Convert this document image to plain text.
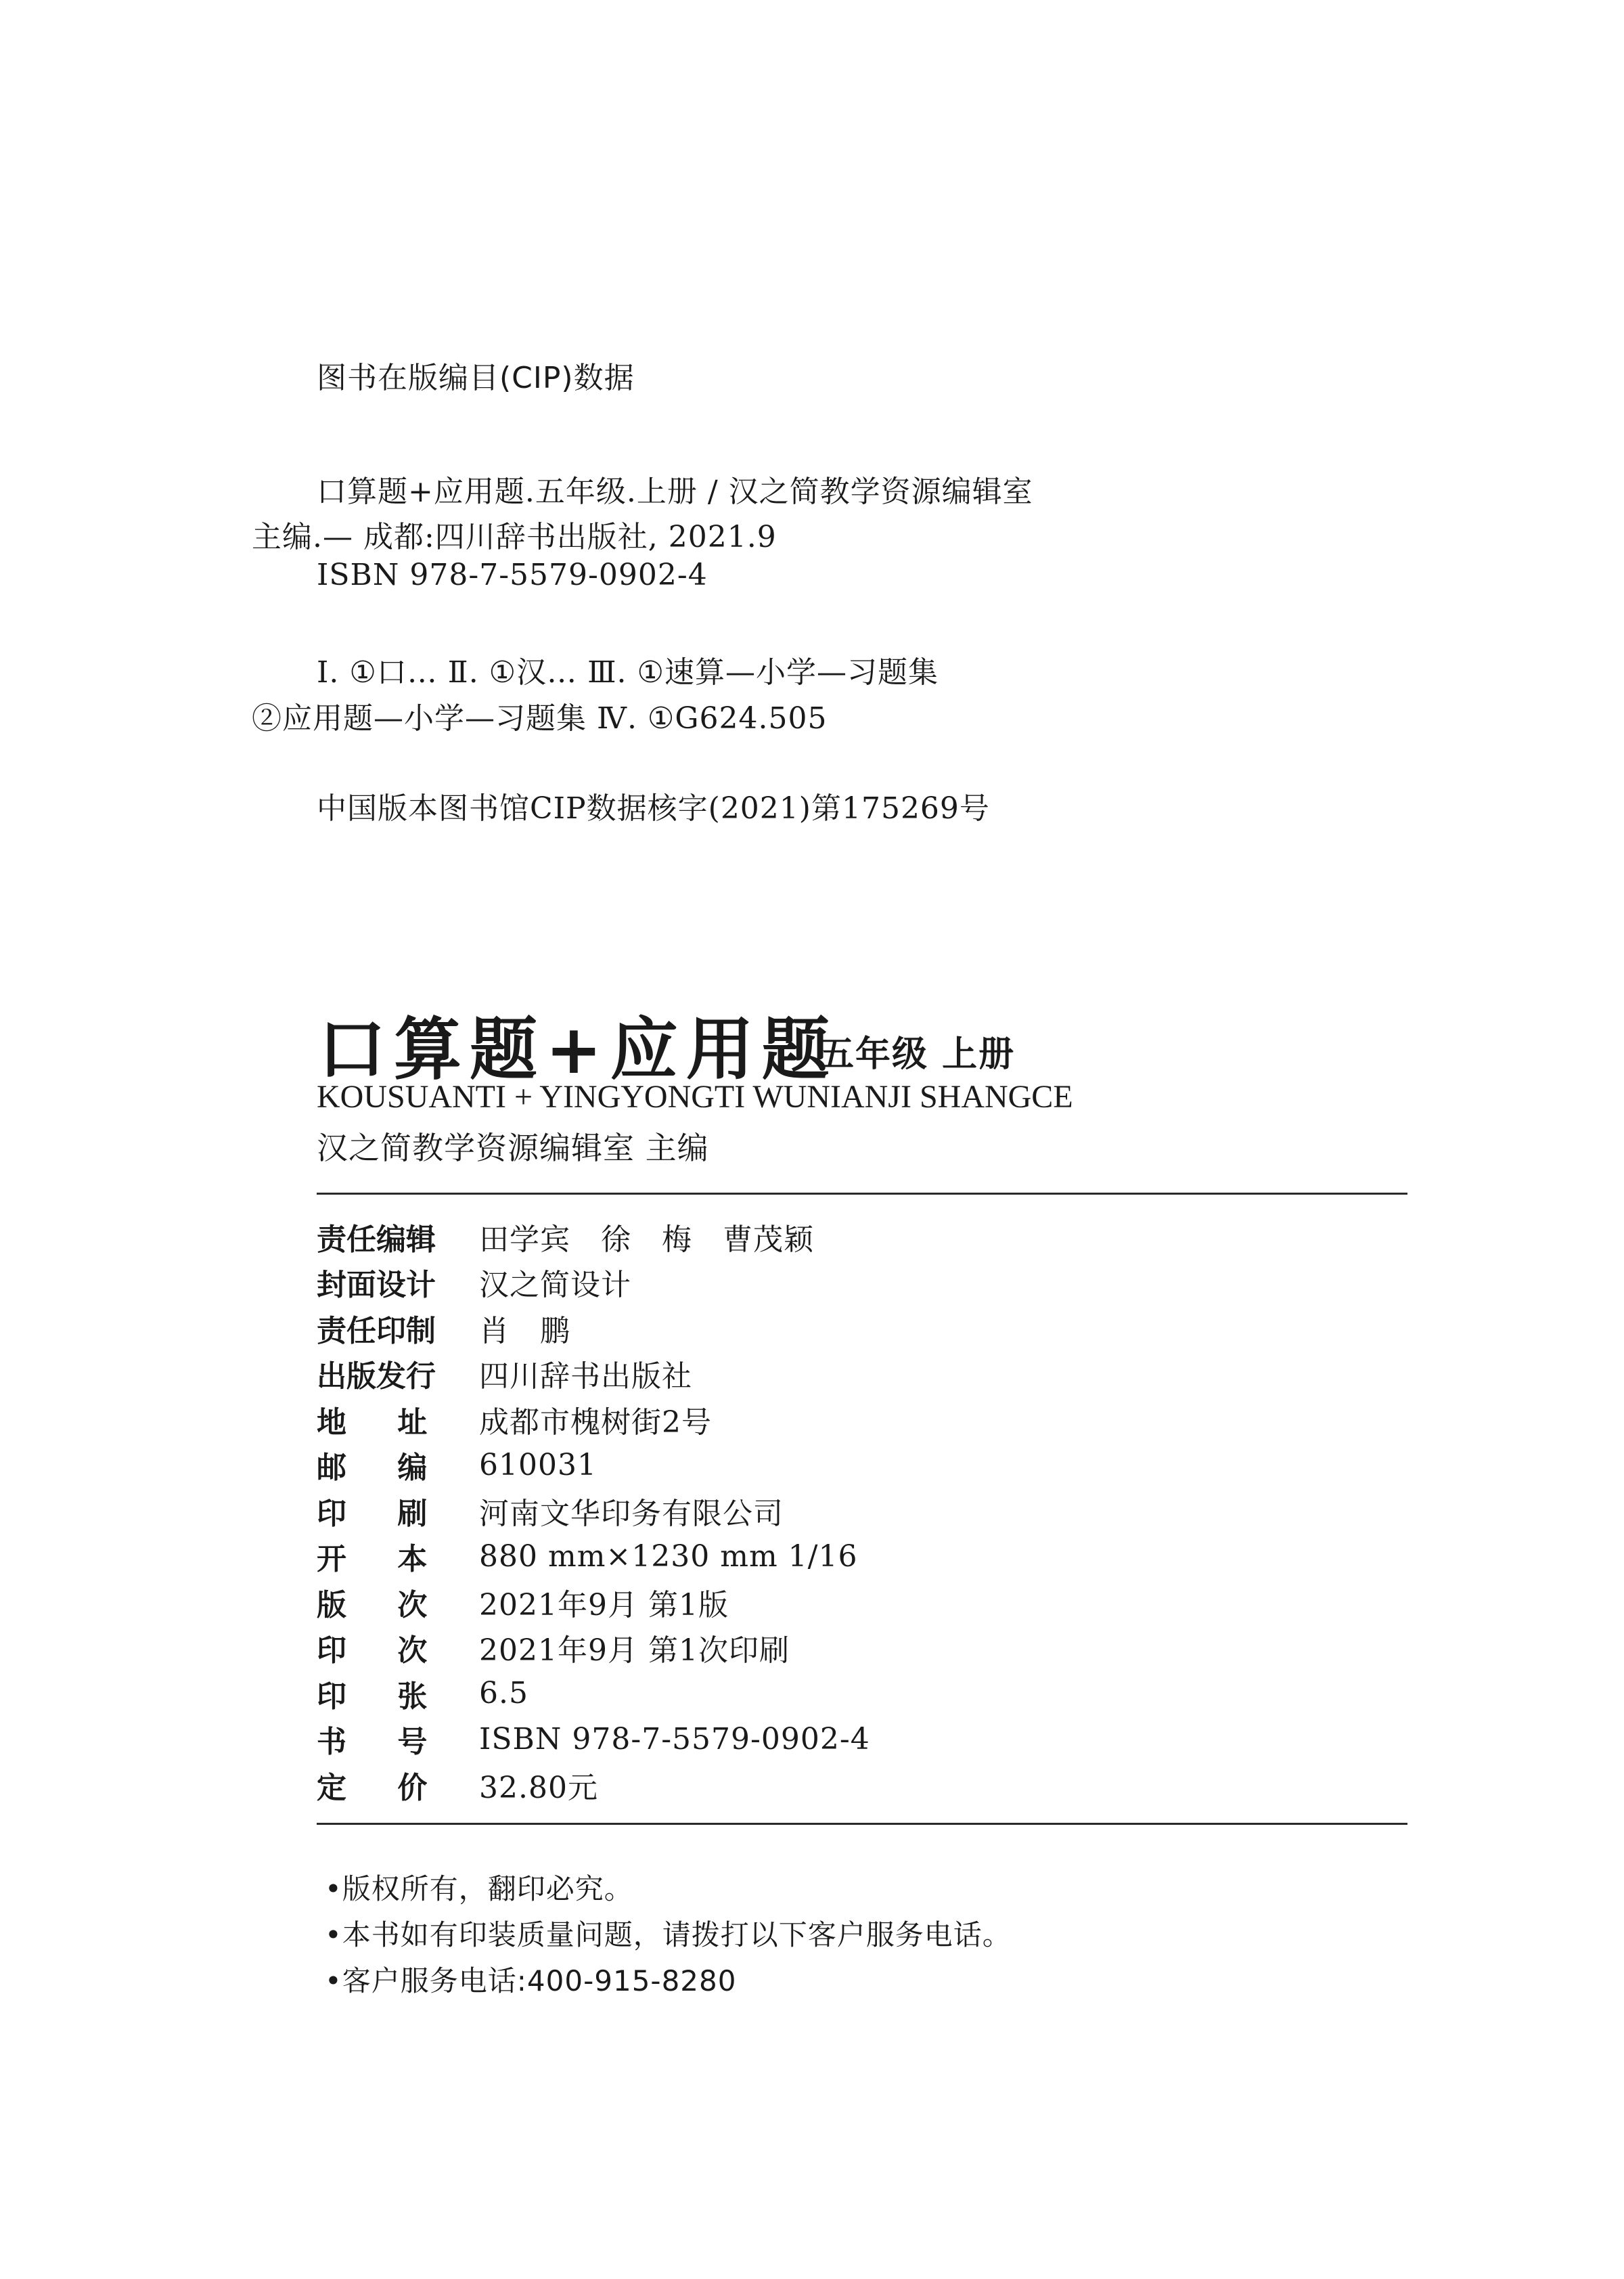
图书在版编目(CIP)数据
口算题+应用题.五年级.上册 / 汉之简教学资源编辑室
主编.— 成都:四川辞书出版社, 2021.9
ISBN 978-7-5579-0902-4
Ⅰ. ①口… Ⅱ. ①汉… Ⅲ. ①速算—小学—习题集
②应用题—小学—习题集 Ⅳ. ①G624.505
中国版本图书馆CIP数据核字(2021)第175269号
口算题+应用题
五年级 上册
KOUSUANTI + YINGYONGTI WUNIANJI SHANGCE
汉之简教学资源编辑室 主编
责任编辑 田学宾 徐 梅 曹茂颖
封面设计 汉之简设计
责任印制 肖 鹏
出版发行 四川辞书出版社
地 址	成都市槐树街2号
邮 编	610031
印 刷	河南文华印务有限公司
开 本	880 mm×1230 mm 1/16
版 次	2021年9月 第1版
印 次	2021年9月 第1次印刷
印 张	6.5
书 号	ISBN 978-7-5579-0902-4
定 价	32.80元
•版权所有，翻印必究。
•本书如有印装质量问题，请拨打以下客户服务电话。
•客户服务电话:400-915-8280
